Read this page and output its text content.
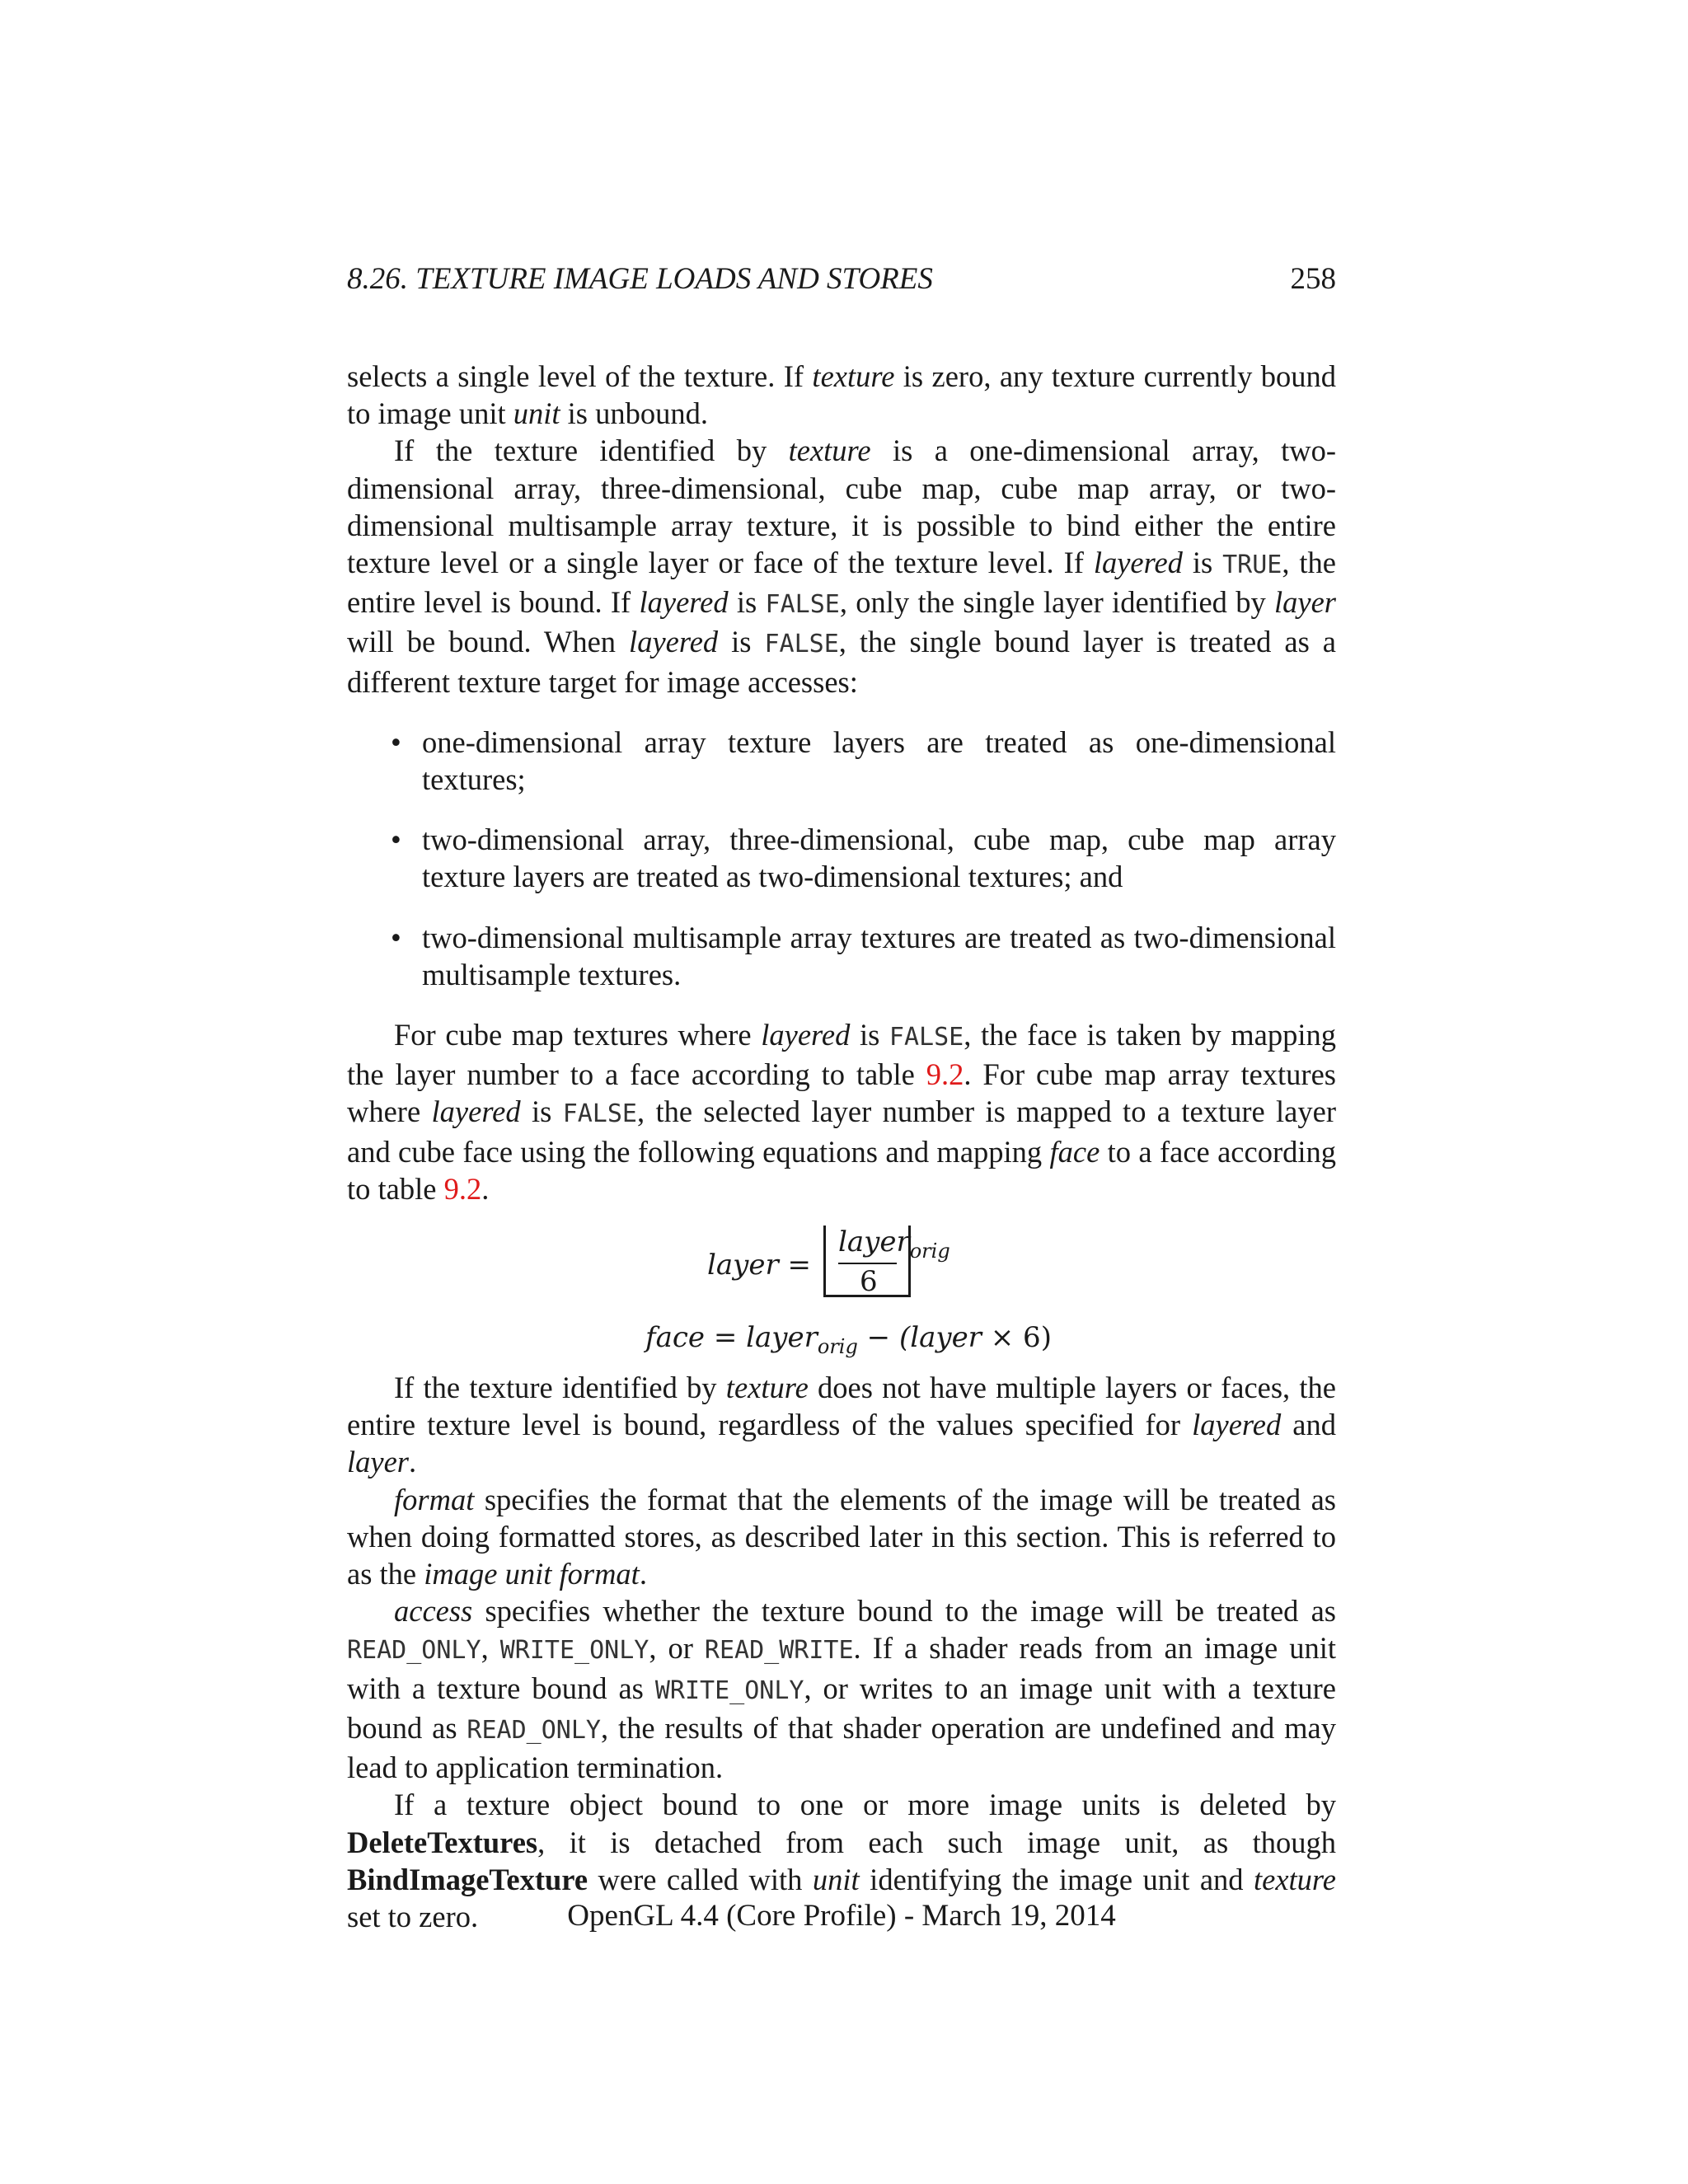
8.26. TEXTURE IMAGE LOADS AND STORES	258

selects a single level of the texture. If texture is zero, any texture currently bound to image unit unit is unbound.

If the texture identified by texture is a one-dimensional array, two-dimensional array, three-dimensional, cube map, cube map array, or two-dimensional multisample array texture, it is possible to bind either the entire texture level or a single layer or face of the texture level. If layered is TRUE, the entire level is bound. If layered is FALSE, only the single layer identified by layer will be bound. When layered is FALSE, the single bound layer is treated as a different texture target for image accesses:

• one-dimensional array texture layers are treated as one-dimensional textures;
• two-dimensional array, three-dimensional, cube map, cube map array texture layers are treated as two-dimensional textures; and
• two-dimensional multisample array textures are treated as two-dimensional multisample textures.

For cube map textures where layered is FALSE, the face is taken by mapping the layer number to a face according to table 9.2. For cube map array textures where layered is FALSE, the selected layer number is mapped to a texture layer and cube face using the following equations and mapping face to a face according to table 9.2.

layer =
layer$_{orig}$
6
face = layer$_{orig}$ − (layer × 6)

If the texture identified by texture does not have multiple layers or faces, the entire texture level is bound, regardless of the values specified for layered and layer.

format specifies the format that the elements of the image will be treated as when doing formatted stores, as described later in this section. This is referred to as the image unit format.

access specifies whether the texture bound to the image will be treated as READ_ONLY, WRITE_ONLY, or READ_WRITE. If a shader reads from an image unit with a texture bound as WRITE_ONLY, or writes to an image unit with a texture bound as READ_ONLY, the results of that shader operation are undefined and may lead to application termination.

If a texture object bound to one or more image units is deleted by DeleteTextures, it is detached from each such image unit, as though BindImageTexture were called with unit identifying the image unit and texture set to zero.	OpenGL 4.4 (Core Profile) - March 19, 2014
